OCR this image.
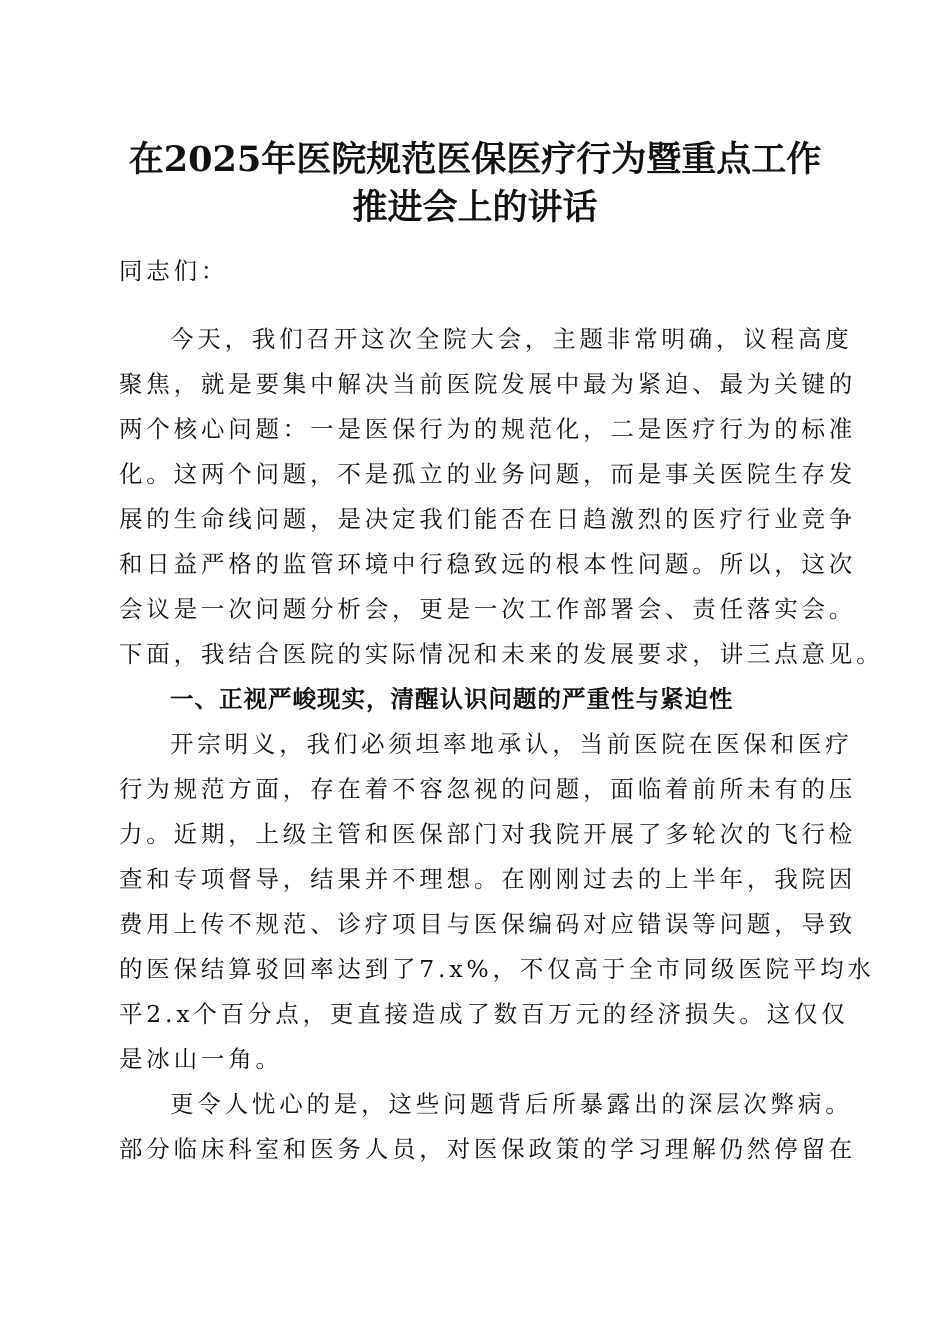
在2025年医院规范医保医疗行为暨重点工作
推进会上的讲话
同志们：
今天，我们召开这次全院大会，主题非常明确，议程高度
聚焦，就是要集中解决当前医院发展中最为紧迫、最为关键的
两个核心问题：一是医保行为的规范化，二是医疗行为的标准
化。这两个问题，不是孤立的业务问题，而是事关医院生存发
展的生命线问题，是决定我们能否在日趋激烈的医疗行业竞争
和日益严格的监管环境中行稳致远的根本性问题。所以，这次
会议是一次问题分析会，更是一次工作部署会、责任落实会。
下面，我结合医院的实际情况和未来的发展要求，讲三点意见。
一、正视严峻现实，清醒认识问题的严重性与紧迫性
开宗明义，我们必须坦率地承认，当前医院在医保和医疗
行为规范方面，存在着不容忽视的问题，面临着前所未有的压
力。近期，上级主管和医保部门对我院开展了多轮次的飞行检
查和专项督导，结果并不理想。在刚刚过去的上半年，我院因
费用上传不规范、诊疗项目与医保编码对应错误等问题，导致
的医保结算驳回率达到了7.x%，不仅高于全市同级医院平均水
平2.x个百分点，更直接造成了数百万元的经济损失。这仅仅
是冰山一角。
更令人忧心的是，这些问题背后所暴露出的深层次弊病。
部分临床科室和医务人员，对医保政策的学习理解仍然停留在
